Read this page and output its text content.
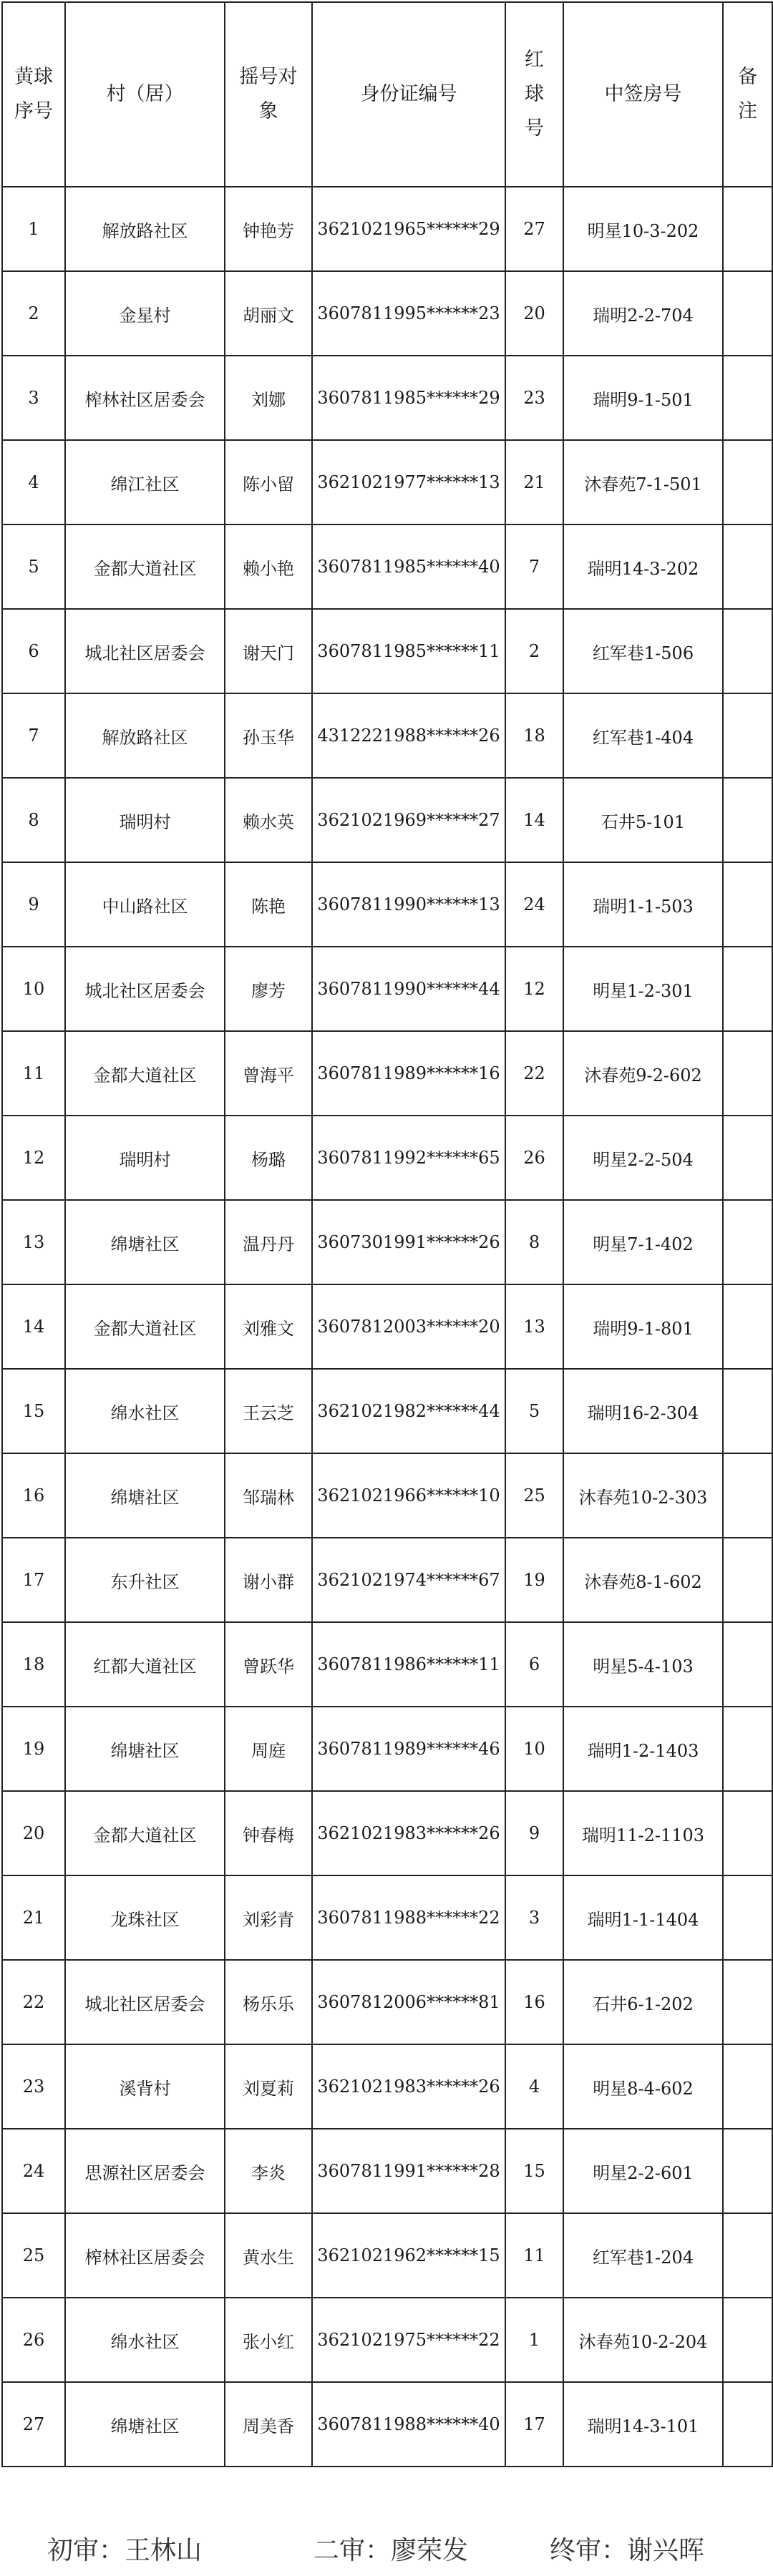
黄球序号	村（居）	摇号对象	身份证编号	红球号	中签房号	备注

1	解放路社区	钟艳芳	3621021965******29	27	明星10-3-202	
2	金星村	胡丽文	3607811995******23	20	瑞明2-2-704	
3	榨林社区居委会	刘娜	3607811985******29	23	瑞明9-1-501	
4	绵江社区	陈小留	3621021977******13	21	沐春苑7-1-501	
5	金都大道社区	赖小艳	3607811985******40	7	瑞明14-3-202	
6	城北社区居委会	谢天门	3607811985******11	2	红军巷1-506	
7	解放路社区	孙玉华	4312221988******26	18	红军巷1-404	
8	瑞明村	赖水英	3621021969******27	14	石井5-101	
9	中山路社区	陈艳	3607811990******13	24	瑞明1-1-503	
10	城北社区居委会	廖芳	3607811990******44	12	明星1-2-301	
11	金都大道社区	曾海平	3607811989******16	22	沐春苑9-2-602	
12	瑞明村	杨璐	3607811992******65	26	明星2-2-504	
13	绵塘社区	温丹丹	3607301991******26	8	明星7-1-402	
14	金都大道社区	刘雅文	3607812003******20	13	瑞明9-1-801	
15	绵水社区	王云芝	3621021982******44	5	瑞明16-2-304	
16	绵塘社区	邹瑞林	3621021966******10	25	沐春苑10-2-303	
17	东升社区	谢小群	3621021974******67	19	沐春苑8-1-602	
18	红都大道社区	曾跃华	3607811986******11	6	明星5-4-103	
19	绵塘社区	周庭	3607811989******46	10	瑞明1-2-1403	
20	金都大道社区	钟春梅	3621021983******26	9	瑞明11-2-1103	
21	龙珠社区	刘彩青	3607811988******22	3	瑞明1-1-1404	
22	城北社区居委会	杨乐乐	3607812006******81	16	石井6-1-202	
23	溪背村	刘夏莉	3621021983******26	4	明星8-4-602	
24	思源社区居委会	李炎	3607811991******28	15	明星2-2-601	
25	榨林社区居委会	黄水生	3621021962******15	11	红军巷1-204	
26	绵水社区	张小红	3621021975******22	1	沐春苑10-2-204	
27	绵塘社区	周美香	3607811988******40	17	瑞明14-3-101	
初审：王林山	二审：廖荣发	终审：谢兴晖
